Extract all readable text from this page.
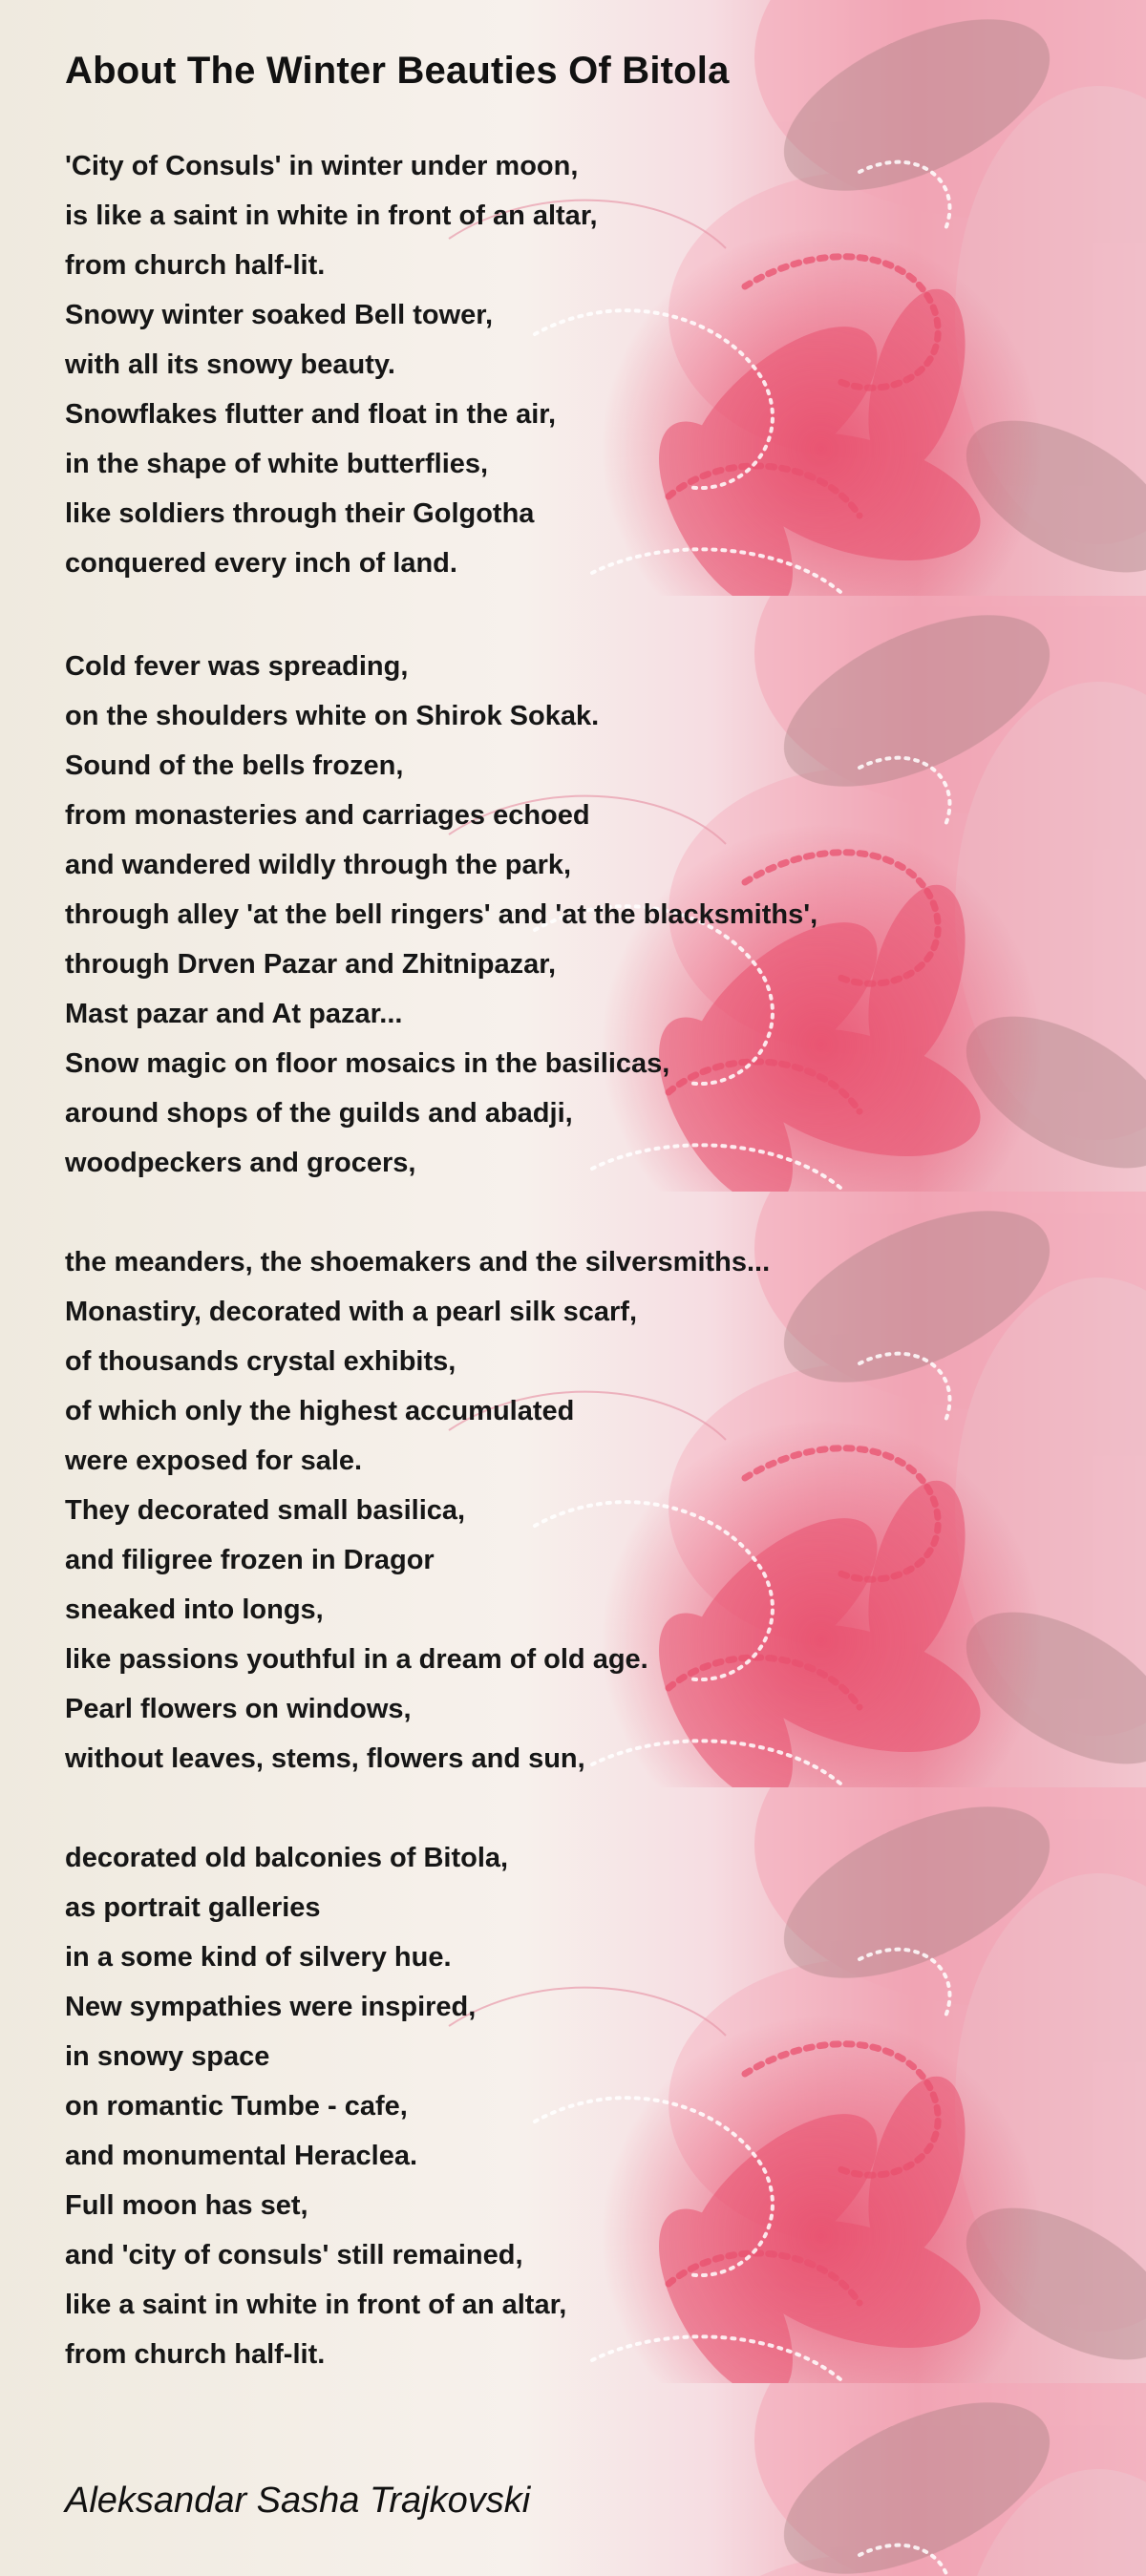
About The Winter Beauties Of Bitola
'City of Consuls' in winter under moon,
is like a saint in white in front of an altar,
from church half-lit.
Snowy winter soaked Bell tower,
with all its snowy beauty.
Snowflakes flutter and float in the air,
in the shape of white butterflies,
like soldiers through their Golgotha
conquered every inch of land.
Cold fever was spreading,
on the shoulders white on Shirok Sokak.
Sound of the bells frozen,
from monasteries and carriages echoed
and wandered wildly through the park,
through alley 'at the bell ringers' and 'at the blacksmiths',
through Drven Pazar and Zhitnipazar,
Mast pazar and At pazar...
Snow magic on floor mosaics in the basilicas,
around shops of the guilds and abadji,
woodpeckers and grocers,
the meanders, the shoemakers and the silversmiths...
Monastiry, decorated with a pearl silk scarf,
of thousands crystal exhibits,
of which only the highest accumulated
were exposed for sale.
They decorated small basilica,
and filigree frozen in Dragor
sneaked into longs,
like passions youthful in a dream of old age.
Pearl flowers on windows,
without leaves, stems, flowers and sun,
decorated old balconies of Bitola,
as portrait galleries
in a some kind of silvery hue.
New sympathies were inspired,
in snowy space
on romantic Tumbe - cafe,
and monumental Heraclea.
Full moon has set,
and 'city of consuls' still remained,
like a saint in white in front of an altar,
from church half-lit.
Aleksandar Sasha Trajkovski
